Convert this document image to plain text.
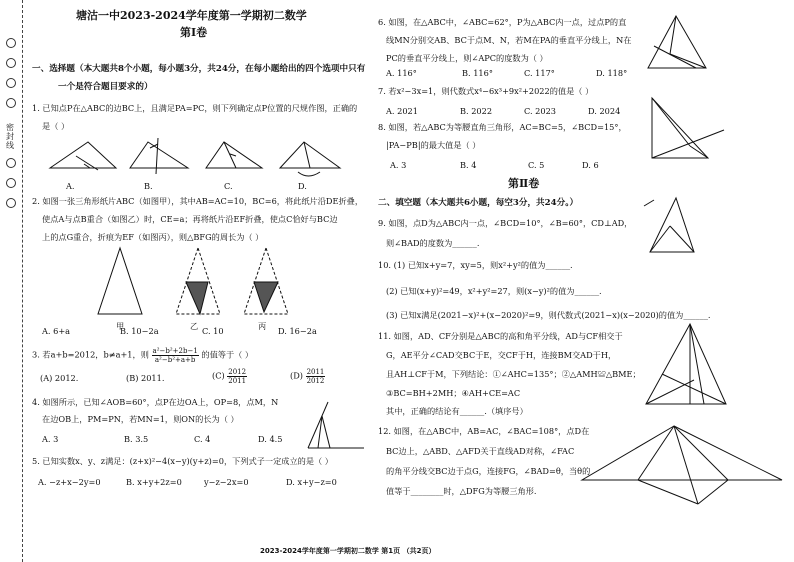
密封线
塘沽一中2023-2024学年度第一学期初二数学
第Ⅰ卷
一、选择题（本大题共8个小题，每小题3分，共24分，在每小题给出的四个选项中只有
一个是符合题目要求的）
1. 已知点P在△ABC的边BC上，且满足PA=PC，则下列确定点P位置的尺规作图，正确的
是（ ）
A.	B.	C.	D.
2. 如图一张三角形纸片ABC（如图甲），其中AB=AC=10，BC=6，将此纸片沿DE折叠，
使点A与点B重合（如图乙）时，CE=a；再将纸片沿EF折叠，使点C恰好与BC边
上的点G重合，折痕为EF（如图丙），则△BFG的周长为（ ）
甲	乙	丙
A. 6+a	B. 10−2a	C. 10	D. 16−2a
3. 若a+b=2012，b≠a+1，则 $\frac{\text{a²−b²+2b−1}}{\text{a²−b²+a+b}}$ 的值等于（ ）
(A) 2012.	(B) 2011.	$(C) \frac{2012}{2011}$	$(D) \frac{2011}{2012}$
4. 如图所示，已知∠AOB=60°，点P在边OA上，OP=8，点M，N
在边OB上，PM=PN，若MN=1，则ON的长为（ ）
A. 3	B. 3.5	C. 4	D. 4.5
5. 已知实数x、y、z满足：(z+x)²−4(x−y)(y+z)=0，下列式子一定成立的是（ ）
A. −z+x−2y=0	B. x+y+2z=0	y−z−2x=0	D. x+y−z=0
6. 如图，在△ABC中，∠ABC=62°，P为△ABC内一点，过点P的直
线MN分别交AB、BC于点M、N，若M在PA的垂直平分线上，N在
PC的垂直平分线上，则∠APC的度数为（ ）
A. 116°	B. 116°	C. 117°	D. 118°
7. 若x²−3x=1，则代数式x⁴−6x³+9x²+2022的值是（ ）
A. 2021	B. 2022	C. 2023	D. 2024
8. 如图，若△ABC为等腰直角三角形，AC=BC=5，∠BCD=15°，
|PA−PB|的最大值是（ ）
A. 3	B. 4	C. 5	D. 6
第Ⅱ卷
二、填空题（本大题共6小题，每空3分，共24分。）
9. 如图，点D为△ABC内一点，∠BCD=10°，∠B=60°，CD⊥AD，
则∠BAD的度数为______.
10. (1) 已知x+y=7，xy=5，则x²+y²的值为______.
(2) 已知(x+y)²=49，x²+y²=27，则(x−y)²的值为______.
(3) 已知x满足(2021−x)²+(x−2020)²=9，则代数式(2021−x)(x−2020)的值为______.
11. 如图，AD、CF分别是△ABC的高和角平分线，AD与CF相交于
G，AE平分∠CAD交BC于E，交CF于H，连接BM交AD于H，
且AH⊥CF于M，下列结论：①∠AHC=135°；②△AMH≌△BME；
③BC=BH+2MH；④AH+CE=AC
其中，正确的结论有______.（填序号）
12. 如图，在△ABC中，AB=AC，∠BAC=108°，点D在
BC边上，△ABD、△AFD关于直线AD对称，∠FAC
的角平分线交BC边于点G，连接FG，∠BAD=θ，当θ的
值等于________时，△DFG为等腰三角形.
2023-2024学年度第一学期初二数学 第1页 （共2页）
